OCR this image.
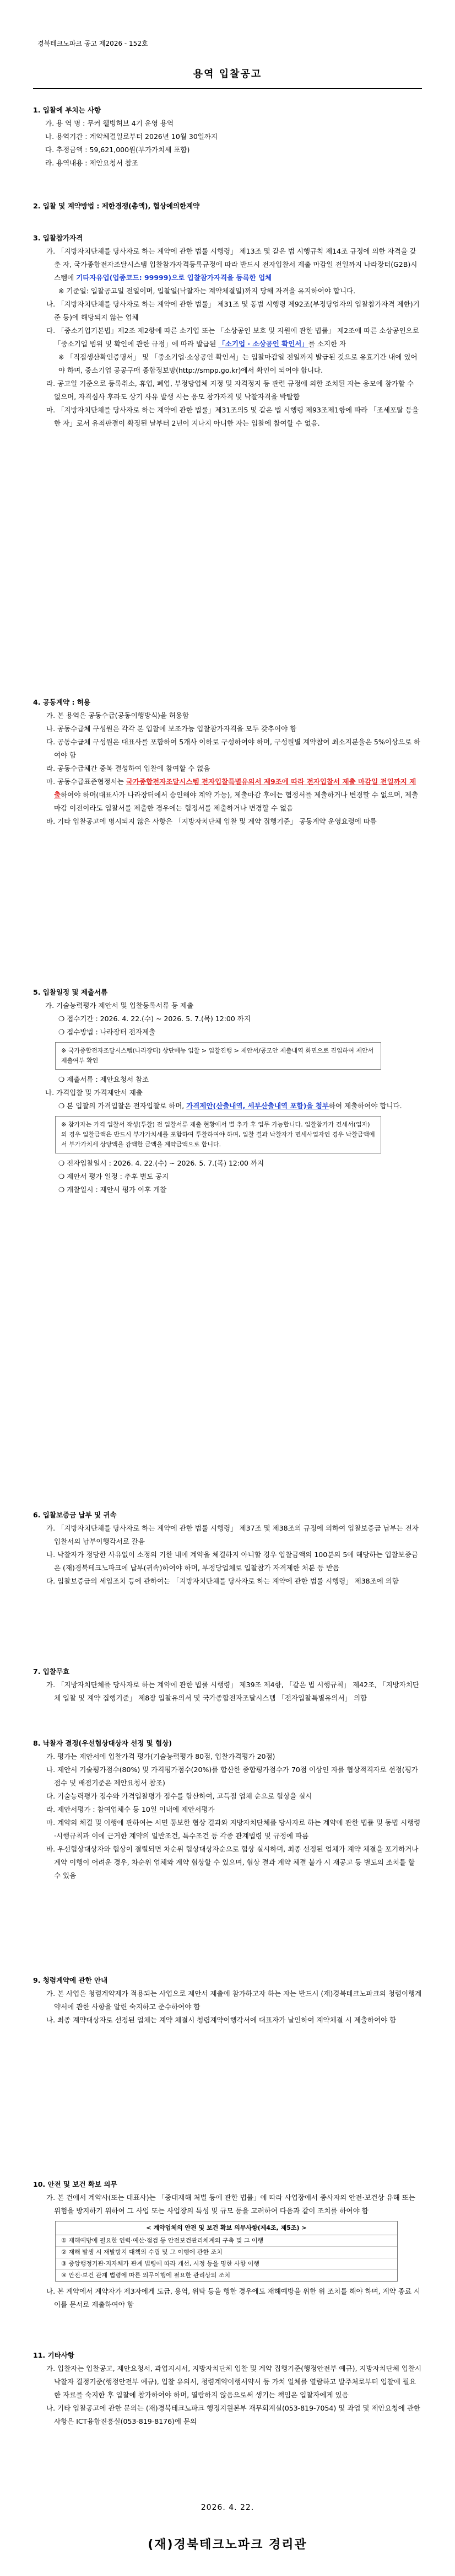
경북테크노파크 공고 제2026 - 152호
용역 입찰공고

1. 입찰에 부치는 사항

가. 용 역 명 : 무커 웰빙허브 4기 운영 용역

나. 용역기간 : 계약체결일로부터 2026년 10월 30일까지

다. 추정금액 : 59,621,000원(부가가치세 포함)

라. 용역내용 : 제안요청서 참조

2. 입찰 및 계약방법 : 제한경쟁(총액), 협상에의한계약

3. 입찰참가자격

가. 「지방자치단체를 당사자로 하는 계약에 관한 법률 시행령」 제13조 및 같은 법 시행규칙 제14조 규정에 의한 자격을 갖춘 자, 국가종합전자조달시스템 입찰참가자격등록규정에 따라 반드시 전자입찰서 제출 마감일 전일까지 나라장터(G2B)시스템에 기타자유업(업종코드: 99999)으로 입찰참가자격을 등록한 업체

※ 기준일: 입찰공고일 전일이며, 입찰일(낙찰자는 계약체결일)까지 당해 자격을 유지하여야 합니다.

나. 「지방자치단체를 당사자로 하는 계약에 관한 법률」 제31조 및 동법 시행령 제92조(부정당업자의 입찰참가자격 제한)기준 등)에 해당되지 않는 업체

다. 「중소기업기본법」제2조 제2항에 따른 소기업 또는 「소상공인 보호 및 지원에 관한 법률」 제2조에 따른 소상공인으로 「중소기업 범위 및 확인에 관한 규정」에 따라 발급된 「소기업 · 소상공인 확인서」를 소지한 자

※ 「직접생산확인증명서」 및 「중소기업·소상공인 확인서」는 입찰마감일 전일까지 발급된 것으로 유효기간 내에 있어야 하며, 중소기업 공공구매 종합정보망(http://smpp.go.kr)에서 확인이 되어야 합니다.

라. 공고일 기준으로 등록취소, 휴업, 폐업, 부정당업체 지정 및 자격정지 등 관련 규정에 의한 조치된 자는 응모에 참가할 수 없으며, 자격심사 후라도 상기 사유 발생 시는 응모 참가자격 및 낙찰자격을 박탈함

마. 「지방자치단체를 당사자로 하는 계약에 관한 법률」제31조의5 및 같은 법 시행령 제93조제1항에 따라 「조세포탈 등을 한 자」로서 유죄판결이 확정된 날부터 2년이 지나지 아니한 자는 입찰에 참여할 수 없음.

4. 공동계약 : 허용

가. 본 용역은 공동수급(공동이행방식)을 허용함

나. 공동수급체 구성원은 각각 본 입찰에 보조가능 입찰참가자격을 모두 갖추어야 함

다. 공동수급체 구성원은 대표사를 포함하여 5개사 이하로 구성하여야 하며, 구성원별 계약참여 최소지분율은 5%이상으로 하여야 함

라. 공동수급체간 중복 결성하여 입찰에 참여할 수 없음

마. 공동수급표준협정서는 국가종합전자조달시스템 전자입찰특별유의서 제9조에 따라 전자입찰서 제출 마감일 전일까지 제출하여야 하며(대표사가 나라장터에서 승인해야 계약 가능), 제출마감 후에는 협정서를 제출하거나 변경할 수 없으며, 제출마감 이전이라도 입찰서를 제출한 경우에는 협정서를 제출하거나 변경할 수 없음

바. 기타 입찰공고에 명시되지 않은 사항은 「지방자치단체 입찰 및 계약 집행기준」 공동계약 운영요령에 따름

5. 입찰일정 및 제출서류

가. 기술능력평가 제안서 및 입찰등록서류 등 제출

❍ 접수기간 : 2026. 4. 22.(수) ~ 2026. 5. 7.(목) 12:00 까지

❍ 접수방법 : 나라장터 전자제출

※ 국가종합전자조달시스템(나라장터) 상단메뉴 입찰 > 입찰진행 > 제안서/공모안 제출내역 화면으로 진입하여 제안서 제출여부 확인

❍ 제출서류 : 제안요청서 참조

나. 가격입찰 및 가격제안서 제출

❍ 본 입찰의 가격입찰은 전자입찰로 하며, 가격제안(산출내역, 세부산출내역 포함)을 첨부하여 제출하여야 합니다.

※ 참가자는 가격 입찰서 작성(투찰) 전 입찰서류 제출 현황에서 별 추가 후 업무 가능합니다. 입찰참가가 견세서(업자)의 경우 입찰금액은 반드시 부가가치세를 포함하여 투찰하여야 하며, 입찰 결과 낙찰자가 면세사업자인 경우 낙찰금액에서 부가가치세 상당액을 감액한 금액을 계약금액으로 합니다.

❍ 전자입찰일시 : 2026. 4. 22.(수) ~ 2026. 5. 7.(목) 12:00 까지

❍ 제안서 평가 일정 : 추후 별도 공지

❍ 개찰일시 : 제안서 평가 이후 개찰

6. 입찰보증금 납부 및 귀속

가. 「지방자치단체를 당사자로 하는 계약에 관한 법률 시행령」 제37조 및 제38조의 규정에 의하여 입찰보증금 납부는 전자입찰서의 납부이행각서로 갈음

나. 낙찰자가 정당한 사유없이 소정의 기한 내에 계약을 체결하지 아니할 경우 입찰금액의 100분의 5에 해당하는 입찰보증금은 (재)경북테크노파크에 납부(귀속)하여야 하며, 부정당업체로 입찰참가 자격제한 처분 등 받음

다. 입찰보증금의 세입조치 등에 관하여는 「지방자치단체를 당사자로 하는 계약에 관한 법률 시행령」 제38조에 의함

7. 입찰무효

가. 「지방자치단체를 당사자로 하는 계약에 관한 법률 시행령」 제39조 제4항, 「같은 법 시행규칙」 제42조, 「지방자치단체 입찰 및 계약 집행기준」 제8장 입찰유의서 및 국가종합전자조달시스템 「전자입찰특별유의서」 의함

8. 낙찰자 결정(우선협상대상자 선정 및 협상)

가. 평가는 제안서에 입찰가격 평가(기술능력평가 80점, 입찰가격평가 20점)

나. 제안서 기술평가점수(80%) 및 가격평가점수(20%)를 합산한 종합평가점수가 70점 이상인 자를 협상적격자로 선정(평가점수 및 배점기준은 제안요청서 참조)

다. 기술능력평가 점수와 가격입찰평가 점수를 합산하여, 고득점 업체 순으로 협상을 실시

라. 제안서평가 : 참여업체수 등 10일 이내에 제안서평가

마. 계약의 체결 및 이행에 관하여는 서면 통보한 협상 결과와 지방자치단체를 당사자로 하는 계약에 관한 법률 및 동법 시행령·시행규칙과 이에 근거한 계약의 일반조건, 특수조건 등 각종 관계법령 및 규정에 따름

바. 우선협상대상자와 협상이 결렬되면 차순위 협상대상자순으로 협상 실시하며, 최종 선정된 업체가 계약 체결을 포기하거나 계약 이행이 어려운 경우, 차순위 업체와 계약 협상할 수 있으며, 협상 결과 계약 체결 불가 시 재공고 등 별도의 조치를 할 수 있음

9. 청렴계약에 관한 안내

가. 본 사업은 청렴계약제가 적용되는 사업으로 제안서 제출에 참가하고자 하는 자는 반드시 (재)경북테크노파크의 청렴이행계약서에 관한 사항을 알린 숙지하고 준수하여야 함

나. 최종 계약대상자로 선정된 업체는 계약 체결시 청렴계약이행각서에 대표자가 날인하여 계약체결 시 제출하여야 함

10. 안전 및 보건 확보 의무

가. 본 건에서 계약사(또는 대표사)는 「중대재해 처벌 등에 관한 법률」에 따라 사업장에서 종사자의 안전·보건상 유해 또는 위험을 방지하기 위하여 그 사업 또는 사업장의 특성 및 규모 등을 고려하여 다음과 같이 조치를 하여야 함

< 계약업체의 안전 및 보건 확보 의무사항(제4조, 제5조) >
① 재해예방에 필요한 인력·예산·점검 등 안전보건관리체계의 구축 및 그 이행
② 재해 발생 시 재발방지 대책의 수립 및 그 이행에 관한 조치
③ 중앙행정기관·지자체가 관계 법령에 따라 개선, 시정 등을 명한 사항 이행
④ 안전·보건 관계 법령에 따른 의무이행에 필요한 관리상의 조치

나. 본 계약에서 계약자가 제3자에게 도급, 용역, 위탁 등을 행한 경우에도 재해예방을 위한 위 조치를 해야 하며, 계약 종료 시 이를 문서로 제출하여야 함

11. 기타사항

가. 입찰자는 입찰공고, 제안요청서, 과업지시서, 지방자치단체 입찰 및 계약 집행기준(행정안전부 예규), 지방자치단체 입찰시 낙찰자 결정기준(행정안전부 예규), 입찰 유의서, 청렴계약이행서약서 등 가치 일체를 열람하고 발주처로부터 입찰에 필요한 자료를 숙지한 후 입찰에 참가하여야 하며, 열람하지 않음으로써 생기는 책임은 입찰자에게 있음

나. 기타 입찰공고에 관한 문의는 (재)경북테크노파크 행정지원본부 재무회계실(053-819-7054) 및 과업 및 제안요청에 관한 사항은 ICT융합진흥실(053-819-8176)에 문의

2026. 4. 22.
(재)경북테크노파크 경리관
